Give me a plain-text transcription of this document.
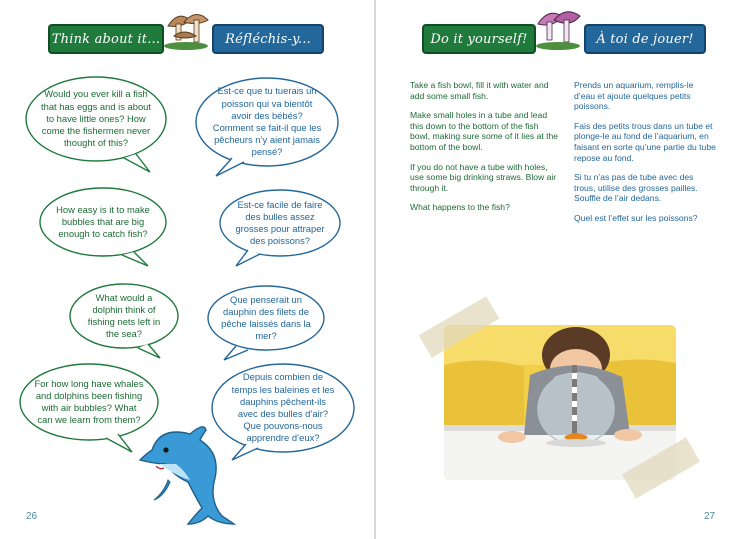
Think about it...	Réfléchis-y...
Would you ever kill a fish that has eggs and is about to have little ones? How come the fishermen never thought of this?
Est-ce que tu tuerais un poisson qui va bientôt avoir des bébés? Comment se fait-il que les pêcheurs n’y aient jamais pensé?
How easy is it to make bubbles that are big enough to catch fish?
Est-ce facile de faire des bulles assez grosses pour attraper des poissons?
What would a dolphin think of fishing nets left in the sea?
Que penserait un dauphin des filets de pêche laissés dans la mer?
For how long have whales and dolphins been fishing with air bubbles? What can we learn from them?
Depuis combien de temps les baleines et les dauphins pêchent-ils avec des bulles d’air? Que pouvons-nous apprendre d’eux?
26
Do it yourself!	À toi de jouer!

Take a fish bowl, fill it with water and add some small fish.

Make small holes in a tube and lead this down to the bottom of the fish bowl, making sure some of it lies at the bottom of the bowl.

If you do not have a tube with holes, use some big drinking straws. Blow air through it.

What happens to the fish?

Prends un aquarium, remplis-le d’eau et ajoute quelques petits poissons.

Fais des petits trous dans un tube et plonge-le au fond de l’aquarium, en faisant en sorte qu’une partie du tube repose au fond.

Si tu n’as pas de tube avec des trous, utilise des grosses pailles. Souffle de l’air dedans.

Quel est l’effet sur les poissons?

27
